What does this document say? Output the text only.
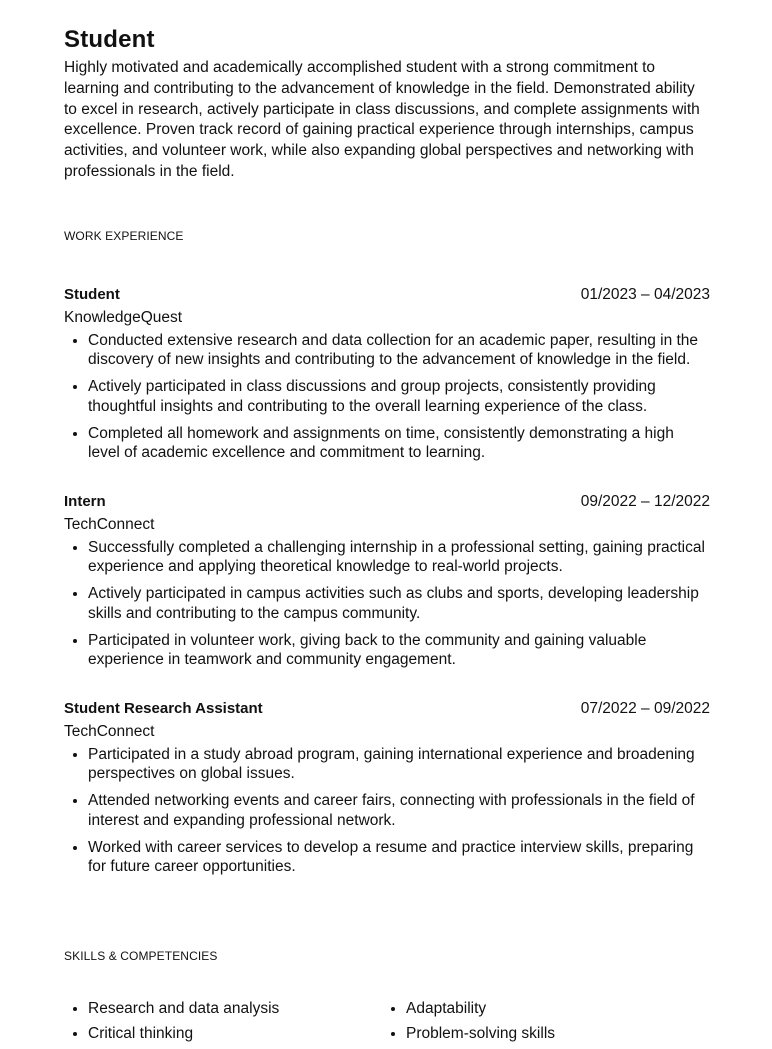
Student

Highly motivated and academically accomplished student with a strong commitment to learning and contributing to the advancement of knowledge in the field. Demonstrated ability to excel in research, actively participate in class discussions, and complete assignments with excellence. Proven track record of gaining practical experience through internships, campus activities, and volunteer work, while also expanding global perspectives and networking with professionals in the field.

WORK EXPERIENCE
Student	01/2023 – 04/2023
KnowledgeQuest
• Conducted extensive research and data collection for an academic paper, resulting in the discovery of new insights and contributing to the advancement of knowledge in the field.
• Actively participated in class discussions and group projects, consistently providing thoughtful insights and contributing to the overall learning experience of the class.
• Completed all homework and assignments on time, consistently demonstrating a high level of academic excellence and commitment to learning.
Intern	09/2022 – 12/2022
TechConnect
• Successfully completed a challenging internship in a professional setting, gaining practical experience and applying theoretical knowledge to real-world projects.
• Actively participated in campus activities such as clubs and sports, developing leadership skills and contributing to the campus community.
• Participated in volunteer work, giving back to the community and gaining valuable experience in teamwork and community engagement.
Student Research Assistant	07/2022 – 09/2022
TechConnect
• Participated in a study abroad program, gaining international experience and broadening perspectives on global issues.
• Attended networking events and career fairs, connecting with professionals in the field of interest and expanding professional network.
• Worked with career services to develop a resume and practice interview skills, preparing for future career opportunities.
SKILLS & COMPETENCIES
• Research and data analysis
• Critical thinking
• Adaptability
• Problem-solving skills
